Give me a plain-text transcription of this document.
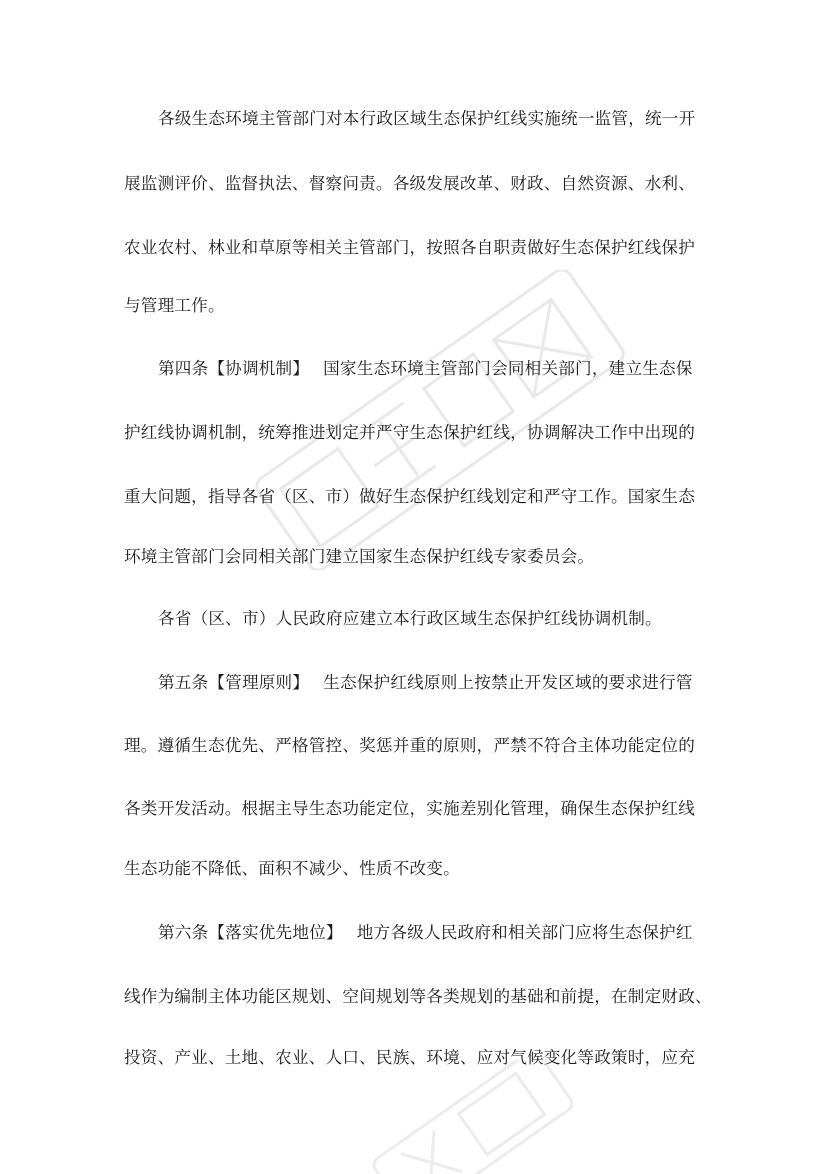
各级生态环境主管部门对本行政区域生态保护红线实施统一监管，统一开
展监测评价、监督执法、督察问责。各级发展改革、财政、自然资源、水利、
农业农村、林业和草原等相关主管部门，按照各自职责做好生态保护红线保护
与管理工作。
第四条【协调机制】 国家生态环境主管部门会同相关部门，建立生态保
护红线协调机制，统筹推进划定并严守生态保护红线，协调解决工作中出现的
重大问题，指导各省（区、市）做好生态保护红线划定和严守工作。国家生态
环境主管部门会同相关部门建立国家生态保护红线专家委员会。
各省（区、市）人民政府应建立本行政区域生态保护红线协调机制。
第五条【管理原则】 生态保护红线原则上按禁止开发区域的要求进行管
理。遵循生态优先、严格管控、奖惩并重的原则，严禁不符合主体功能定位的
各类开发活动。根据主导生态功能定位，实施差别化管理，确保生态保护红线
生态功能不降低、面积不减少、性质不改变。
第六条【落实优先地位】 地方各级人民政府和相关部门应将生态保护红
线作为编制主体功能区规划、空间规划等各类规划的基础和前提，在制定财政、
投资、产业、土地、农业、人口、民族、环境、应对气候变化等政策时，应充
